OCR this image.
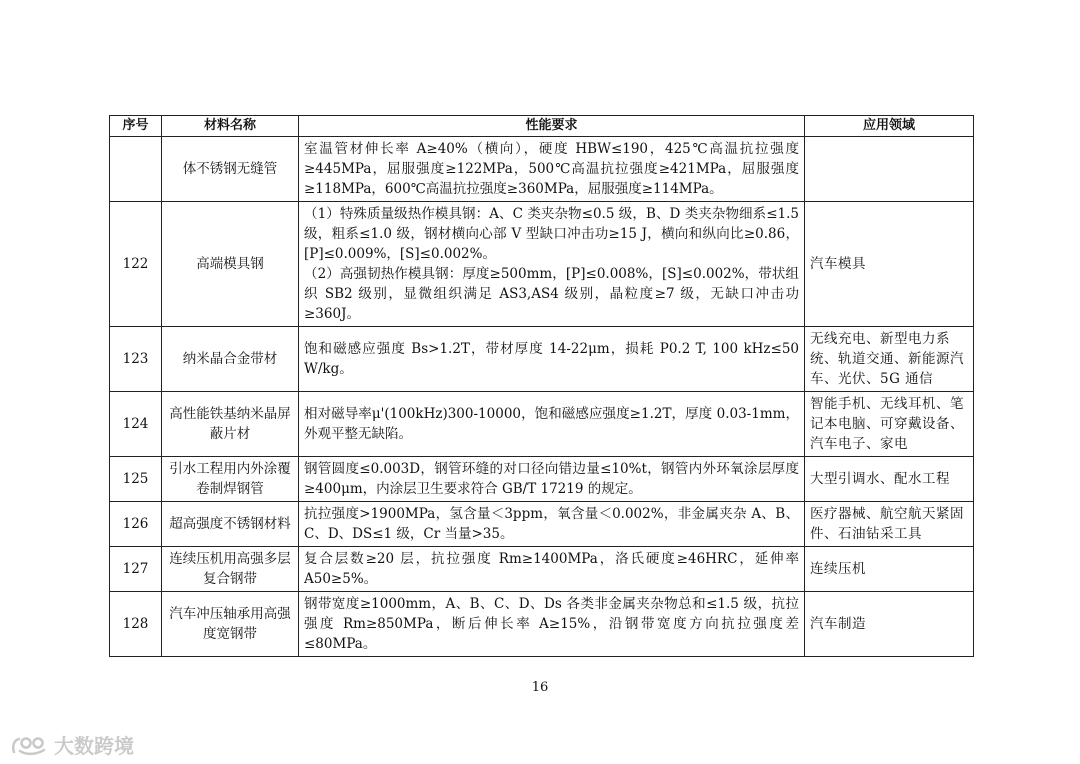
序号	材料名称	性能要求	应用领域
	体不锈钢无缝管	室温管材伸长率 A≥40%（横向），硬度 HBW≤190，425℃高温抗拉强度≥445MPa，屈服强度≥122MPa，500℃高温抗拉强度≥421MPa，屈服强度≥118MPa，600℃高温抗拉强度≥360MPa，屈服强度≥114MPa。	

122	高端模具钢	（1）特殊质量级热作模具钢：A、C 类夹杂物≤0.5 级，B、D 类夹杂物细系≤1.5 级，粗系≤1.0 级，钢材横向心部 V 型缺口冲击功≥15 J，横向和纵向比≥0.86，[P]≤0.009%，[S]≤0.002%。
（2）高强韧热作模具钢：厚度≥500mm，[P]≤0.008%，[S]≤0.002%，带状组织 SB2 级别，显微组织满足 AS3,AS4 级别，晶粒度≥7 级，无缺口冲击功≥360J。	汽车模具
123	纳米晶合金带材	饱和磁感应强度 Bs>1.2T，带材厚度 14-22μm，损耗 P0.2 T, 100 kHz≤50 W/kg。	无线充电、新型电力系统、轨道交通、新能源汽车、光伏、5G 通信
124	高性能铁基纳米晶屏蔽片材	相对磁导率μ'(100kHz)300-10000，饱和磁感应强度≥1.2T，厚度 0.03-1mm，外观平整无缺陷。	智能手机、无线耳机、笔记本电脑、可穿戴设备、汽车电子、家电
125	引水工程用内外涂覆卷制焊钢管	钢管圆度≤0.003D，钢管环缝的对口径向错边量≤10%t，钢管内外环氧涂层厚度≥400μm，内涂层卫生要求符合 GB/T 17219 的规定。	大型引调水、配水工程
126	超高强度不锈钢材料	抗拉强度>1900MPa，氢含量＜3ppm，氧含量＜0.002%，非金属夹杂 A、B、C、D、DS≤1 级，Cr 当量>35。	医疗器械、航空航天紧固件、石油钻采工具
127	连续压机用高强多层复合钢带	复合层数≥20 层，抗拉强度 Rm≥1400MPa，洛氏硬度≥46HRC，延伸率 A50≥5%。	连续压机
128	汽车冲压轴承用高强度宽钢带	钢带宽度≥1000mm，A、B、C、D、Ds 各类非金属夹杂物总和≤1.5 级，抗拉强度 Rm≥850MPa，断后伸长率 A≥15%，沿钢带宽度方向抗拉强度差≤80MPa。	汽车制造
16
大数跨境
